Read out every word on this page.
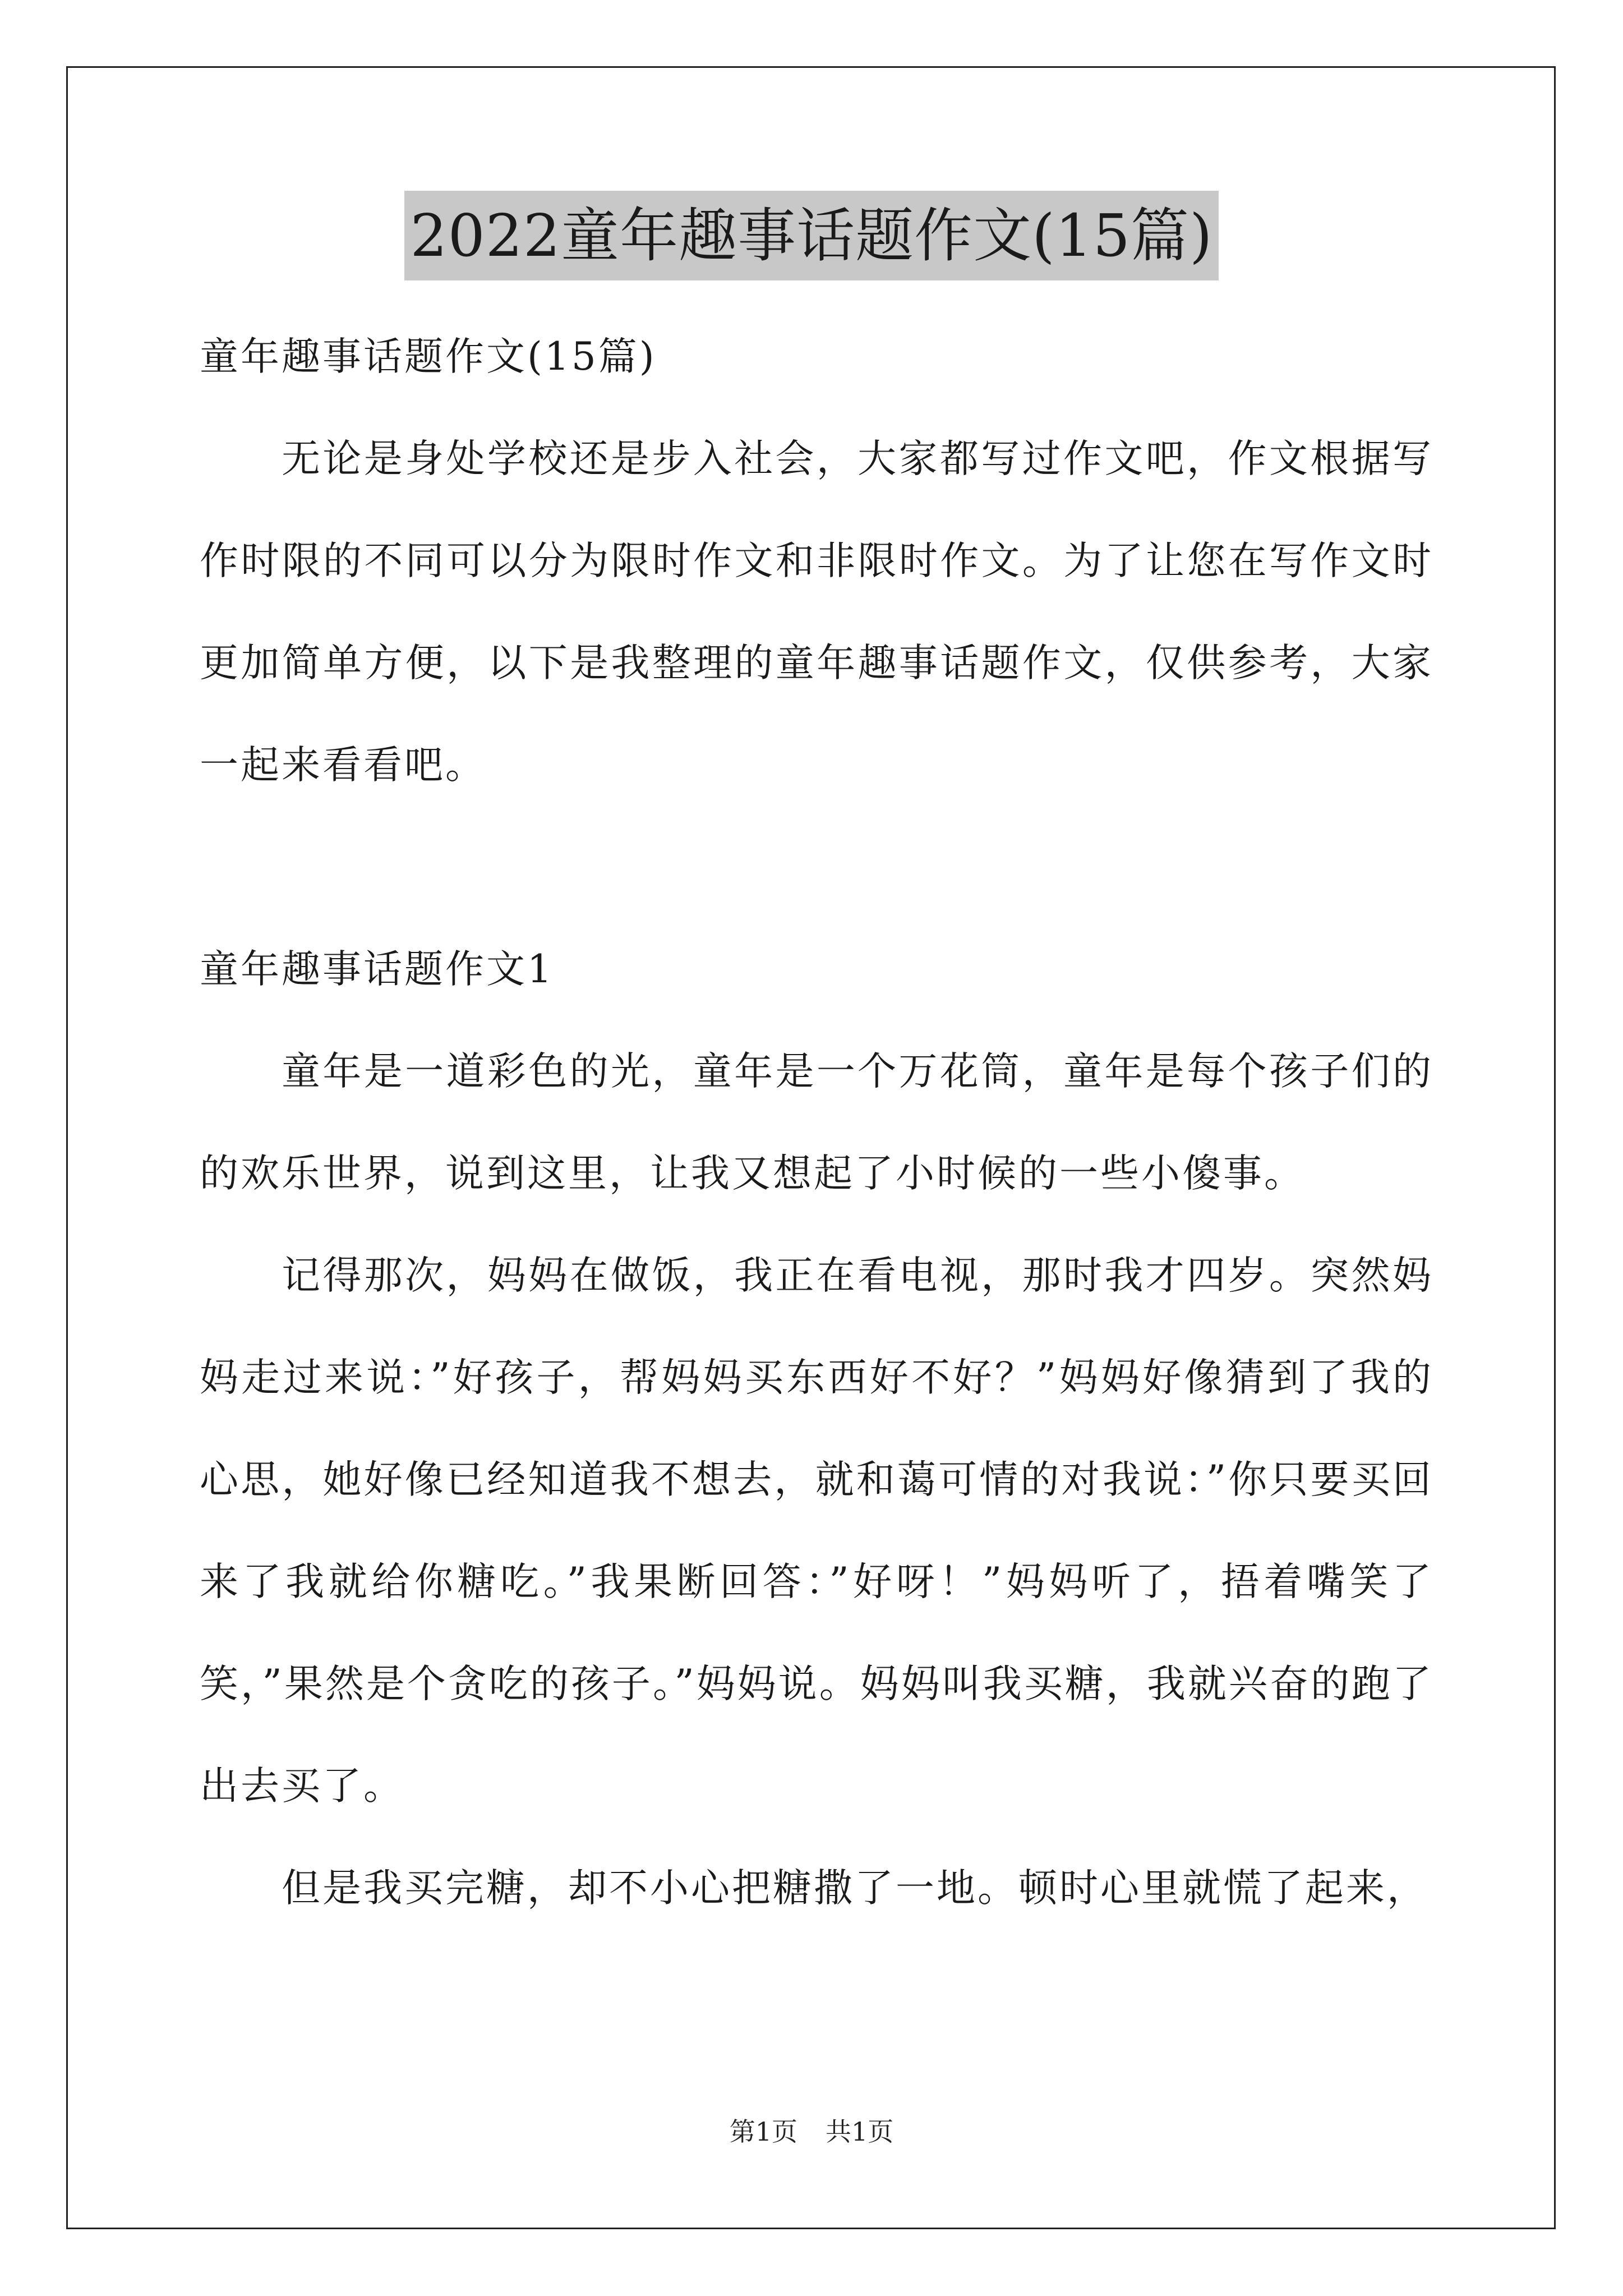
2022童年趣事话题作文(15篇)

童年趣事话题作文(15篇)

无论是身处学校还是步入社会，大家都写过作文吧，作文根据写作时限的不同可以分为限时作文和非限时作文。为了让您在写作文时更加简单方便，以下是我整理的童年趣事话题作文，仅供参考，大家一起来看看吧。

童年趣事话题作文1

童年是一道彩色的光，童年是一个万花筒，童年是每个孩子们的的欢乐世界，说到这里，让我又想起了小时候的一些小傻事。

记得那次，妈妈在做饭，我正在看电视，那时我才四岁。突然妈妈走过来说：”好孩子，帮妈妈买东西好不好？”妈妈好像猜到了我的心思，她好像已经知道我不想去，就和蔼可情的对我说：”你只要买回来了我就给你糖吃。”我果断回答：”好呀！”妈妈听了，捂着嘴笑了笑，”果然是个贪吃的孩子。”妈妈说。妈妈叫我买糖，我就兴奋的跑了出去买了。

但是我买完糖，却不小心把糖撒了一地。顿时心里就慌了起来，

第1页 共1页
